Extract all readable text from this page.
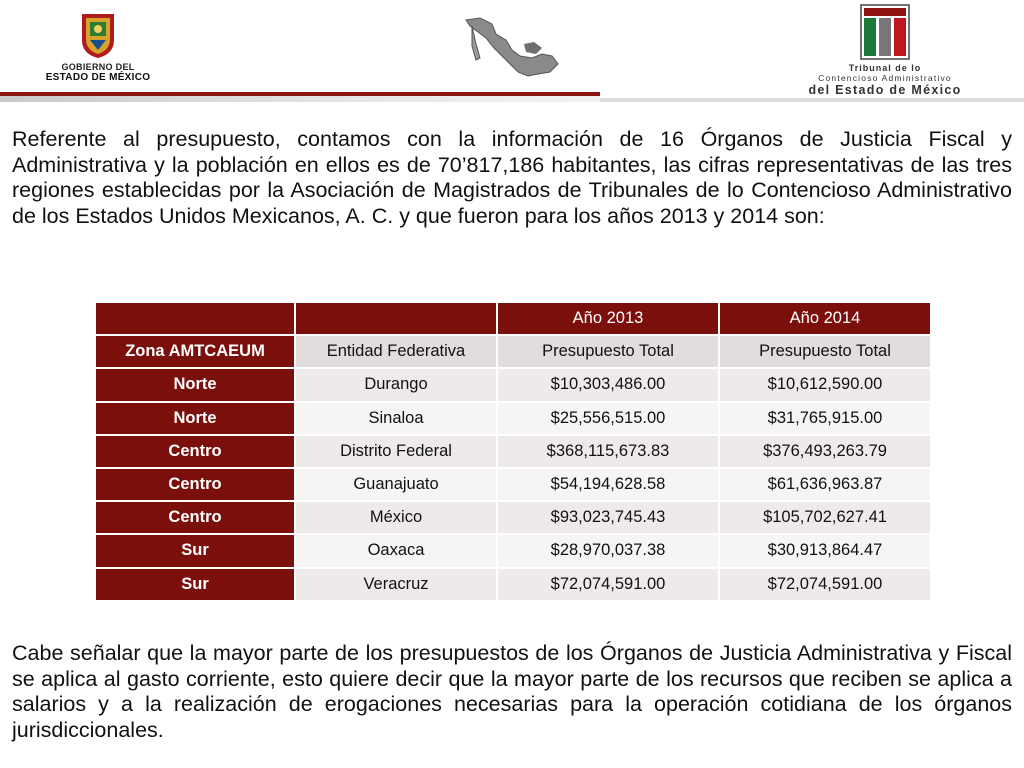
GOBIERNO DEL
ESTADO DE MÉXICO
Tribunal de lo
Contencioso Administrativo
del Estado de México

Referente al presupuesto, contamos con la información de 16 Órganos de Justicia Fiscal y Administrativa y la población en ellos es de 70’817,186 habitantes, las cifras representativas de las tres regiones establecidas por la Asociación de Magistrados de Tribunales de lo Contencioso Administrativo de los Estados Unidos Mexicanos, A. C. y que fueron para los años 2013 y 2014 son:

		Año 2013	Año 2014
Zona AMTCAEUM	Entidad Federativa	Presupuesto Total	Presupuesto Total
Norte	Durango	$10,303,486.00	$10,612,590.00
Norte	Sinaloa	$25,556,515.00	$31,765,915.00
Centro	Distrito Federal	$368,115,673.83	$376,493,263.79
Centro	Guanajuato	$54,194,628.58	$61,636,963.87
Centro	México	$93,023,745.43	$105,702,627.41
Sur	Oaxaca	$28,970,037.38	$30,913,864.47
Sur	Veracruz	$72,074,591.00	$72,074,591.00

Cabe señalar que la mayor parte de los presupuestos de los Órganos de Justicia Administrativa y Fiscal se aplica al gasto corriente, esto quiere decir que la mayor parte de los recursos que reciben se aplica a salarios y a la realización de erogaciones necesarias para la operación cotidiana de los órganos jurisdiccionales.
